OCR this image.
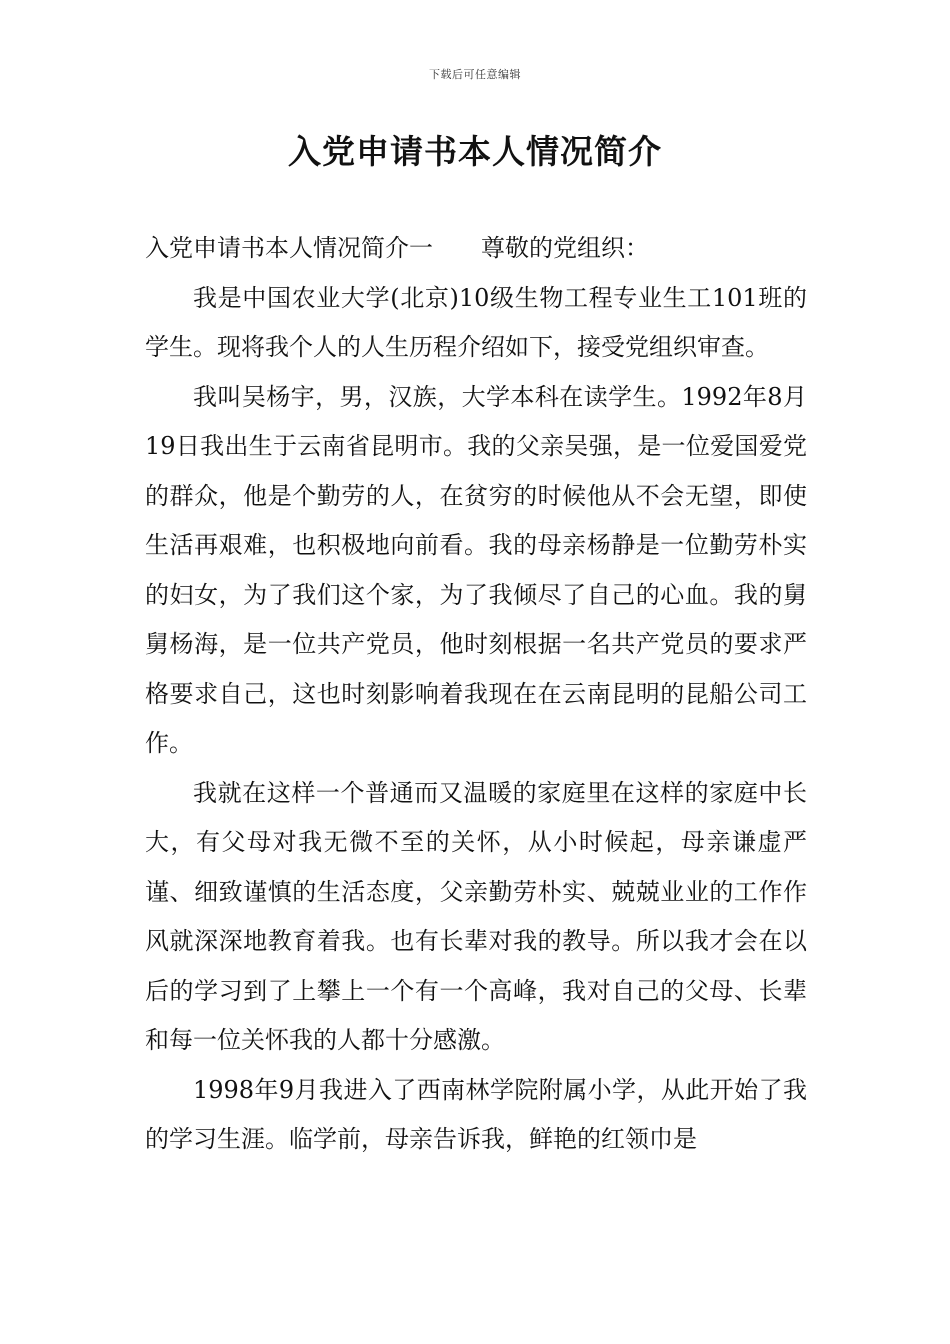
下载后可任意编辑
入党申请书本人情况简介

入党申请书本人情况简介一 尊敬的党组织：

我是中国农业大学(北京)10级生物工程专业生工101班的学生。现将我个人的人生历程介绍如下，接受党组织审查。

我叫吴杨宇，男，汉族，大学本科在读学生。1992年8月19日我出生于云南省昆明市。我的父亲吴强，是一位爱国爱党的群众，他是个勤劳的人，在贫穷的时候他从不会无望，即使生活再艰难，也积极地向前看。我的母亲杨静是一位勤劳朴实的妇女，为了我们这个家，为了我倾尽了自己的心血。我的舅舅杨海，是一位共产党员，他时刻根据一名共产党员的要求严格要求自己，这也时刻影响着我现在在云南昆明的昆船公司工作。

我就在这样一个普通而又温暖的家庭里在这样的家庭中长大，有父母对我无微不至的关怀，从小时候起，母亲谦虚严谨、细致谨慎的生活态度，父亲勤劳朴实、兢兢业业的工作作风就深深地教育着我。也有长辈对我的教导。所以我才会在以后的学习到了上攀上一个有一个高峰，我对自己的父母、长辈和每一位关怀我的人都十分感激。

1998年9月我进入了西南林学院附属小学，从此开始了我的学习生涯。临学前，母亲告诉我，鲜艳的红领巾是
